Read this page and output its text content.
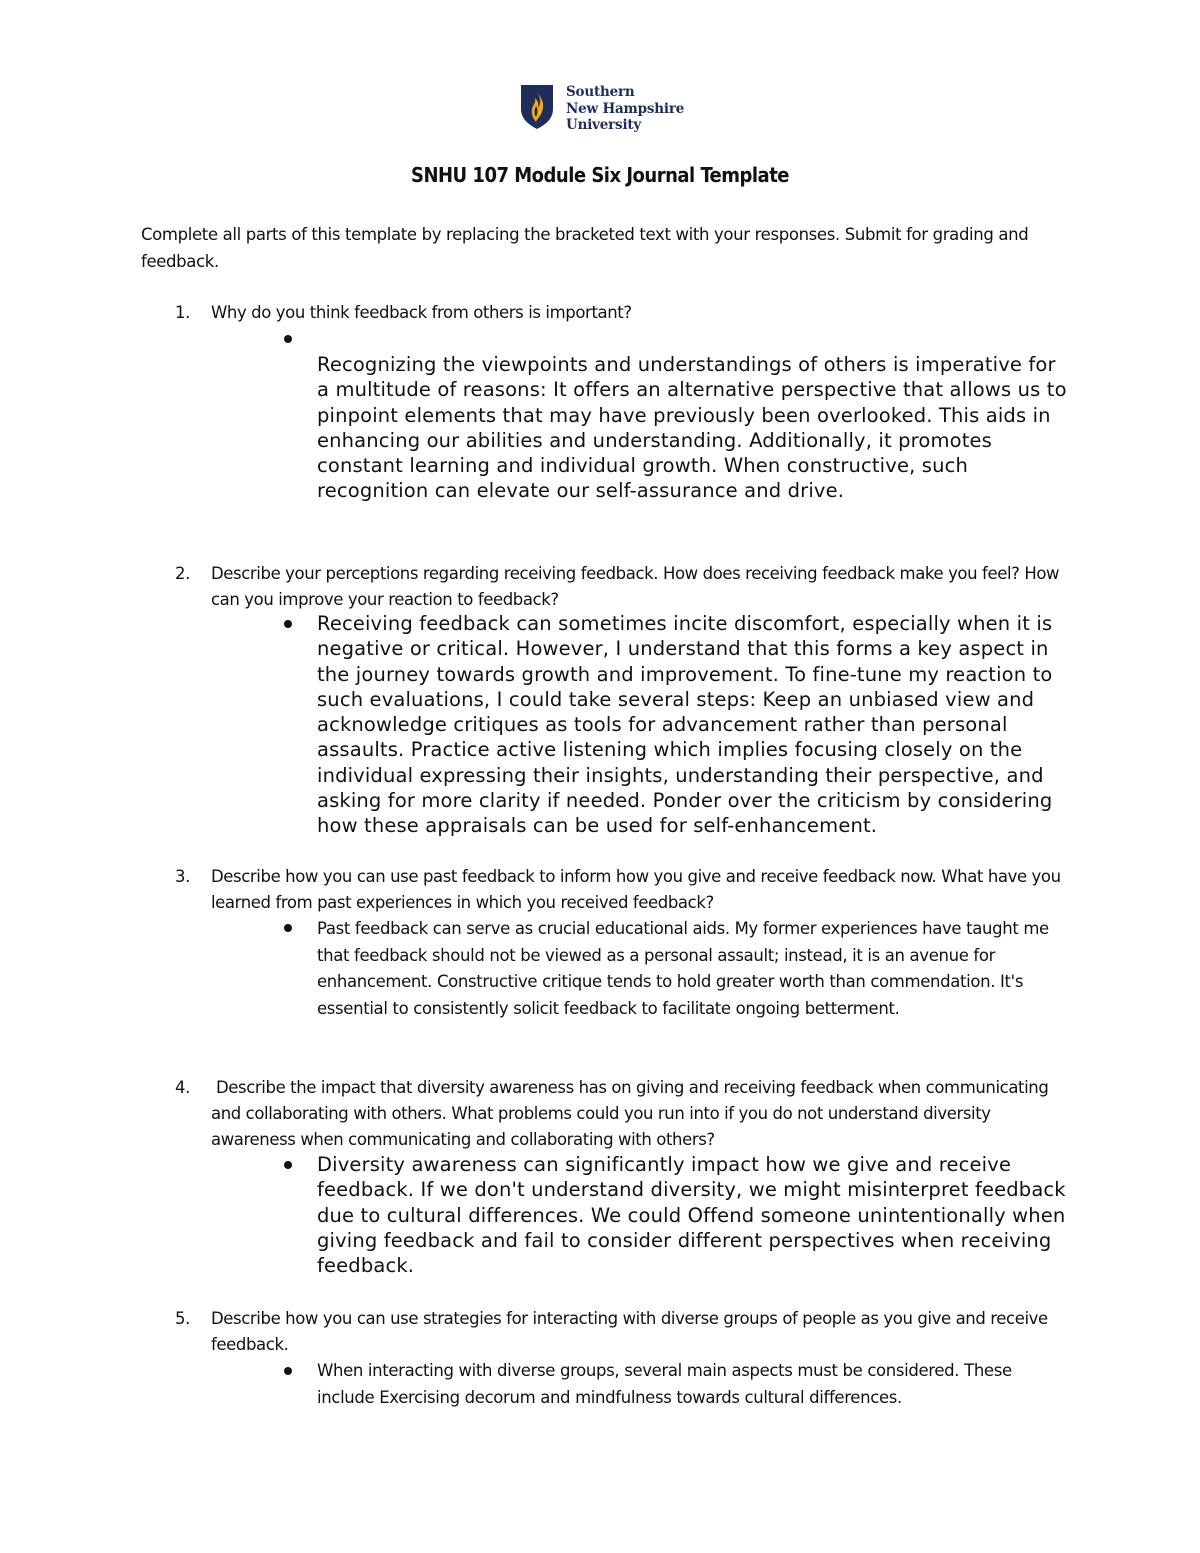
Southern
New Hampshire
University
SNHU 107 Module Six Journal Template
Complete all parts of this template by replacing the bracketed text with your responses. Submit for grading and feedback.
1. Why do you think feedback from others is important?
Recognizing the viewpoints and understandings of others is imperative for a multitude of reasons: It offers an alternative perspective that allows us to pinpoint elements that may have previously been overlooked. This aids in enhancing our abilities and understanding. Additionally, it promotes constant learning and individual growth. When constructive, such recognition can elevate our self-assurance and drive.
2. Describe your perceptions regarding receiving feedback. How does receiving feedback make you feel? How can you improve your reaction to feedback?
Receiving feedback can sometimes incite discomfort, especially when it is negative or critical. However, I understand that this forms a key aspect in the journey towards growth and improvement. To fine-tune my reaction to such evaluations, I could take several steps: Keep an unbiased view and acknowledge critiques as tools for advancement rather than personal assaults. Practice active listening which implies focusing closely on the individual expressing their insights, understanding their perspective, and asking for more clarity if needed. Ponder over the criticism by considering how these appraisals can be used for self-enhancement.
3. Describe how you can use past feedback to inform how you give and receive feedback now. What have you learned from past experiences in which you received feedback?
Past feedback can serve as crucial educational aids. My former experiences have taught me that feedback should not be viewed as a personal assault; instead, it is an avenue for enhancement. Constructive critique tends to hold greater worth than commendation. It's essential to consistently solicit feedback to facilitate ongoing betterment.
4. Describe the impact that diversity awareness has on giving and receiving feedback when communicating and collaborating with others. What problems could you run into if you do not understand diversity awareness when communicating and collaborating with others?
Diversity awareness can significantly impact how we give and receive feedback. If we don't understand diversity, we might misinterpret feedback due to cultural differences. We could Offend someone unintentionally when giving feedback and fail to consider different perspectives when receiving feedback.
5. Describe how you can use strategies for interacting with diverse groups of people as you give and receive feedback.
When interacting with diverse groups, several main aspects must be considered. These include Exercising decorum and mindfulness towards cultural differences.
